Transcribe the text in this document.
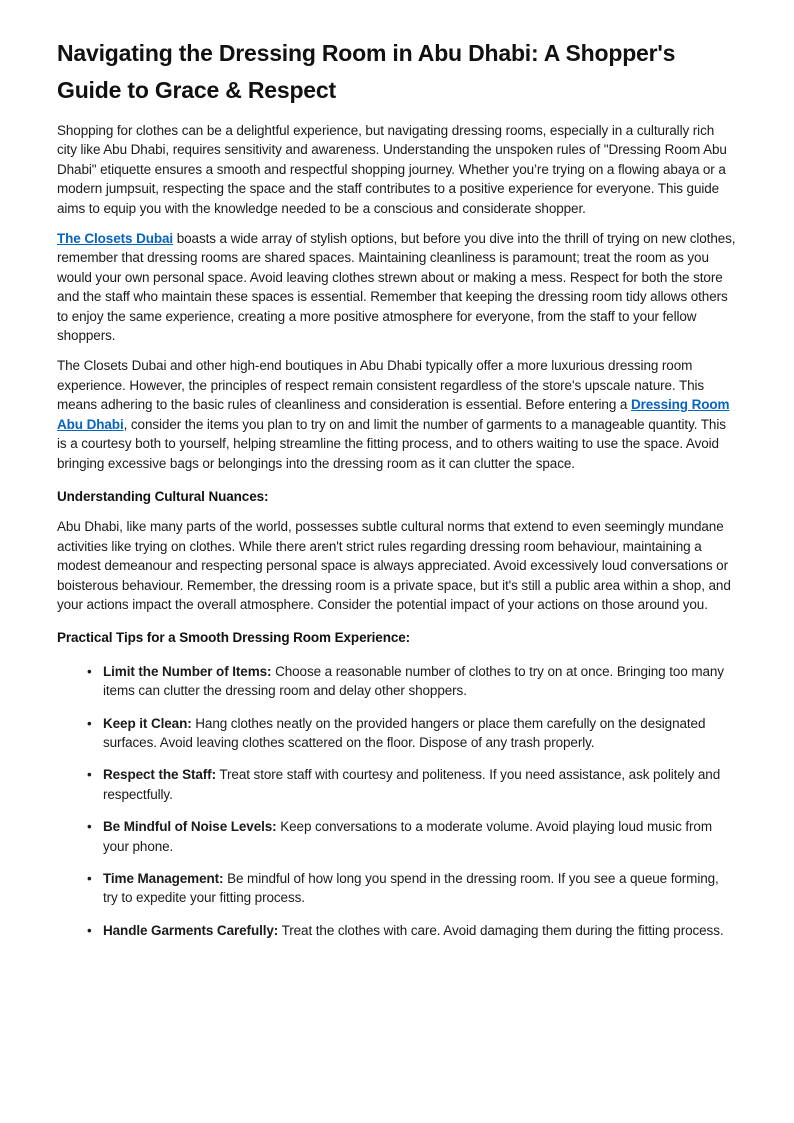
Navigating the Dressing Room in Abu Dhabi: A Shopper's Guide to Grace & Respect

Shopping for clothes can be a delightful experience, but navigating dressing rooms, especially in a culturally rich city like Abu Dhabi, requires sensitivity and awareness. Understanding the unspoken rules of "Dressing Room Abu Dhabi" etiquette ensures a smooth and respectful shopping journey. Whether you’re trying on a flowing abaya or a modern jumpsuit, respecting the space and the staff contributes to a positive experience for everyone. This guide aims to equip you with the knowledge needed to be a conscious and considerate shopper.

The Closets Dubai boasts a wide array of stylish options, but before you dive into the thrill of trying on new clothes, remember that dressing rooms are shared spaces. Maintaining cleanliness is paramount; treat the room as you would your own personal space. Avoid leaving clothes strewn about or making a mess. Respect for both the store and the staff who maintain these spaces is essential. Remember that keeping the dressing room tidy allows others to enjoy the same experience, creating a more positive atmosphere for everyone, from the staff to your fellow shoppers.

The Closets Dubai and other high-end boutiques in Abu Dhabi typically offer a more luxurious dressing room experience. However, the principles of respect remain consistent regardless of the store's upscale nature. This means adhering to the basic rules of cleanliness and consideration is essential. Before entering a Dressing Room Abu Dhabi, consider the items you plan to try on and limit the number of garments to a manageable quantity. This is a courtesy both to yourself, helping streamline the fitting process, and to others waiting to use the space. Avoid bringing excessive bags or belongings into the dressing room as it can clutter the space.

Understanding Cultural Nuances:

Abu Dhabi, like many parts of the world, possesses subtle cultural norms that extend to even seemingly mundane activities like trying on clothes. While there aren't strict rules regarding dressing room behaviour, maintaining a modest demeanour and respecting personal space is always appreciated. Avoid excessively loud conversations or boisterous behaviour. Remember, the dressing room is a private space, but it's still a public area within a shop, and your actions impact the overall atmosphere. Consider the potential impact of your actions on those around you.

Practical Tips for a Smooth Dressing Room Experience:

• Limit the Number of Items: Choose a reasonable number of clothes to try on at once. Bringing too many items can clutter the dressing room and delay other shoppers.
• Keep it Clean: Hang clothes neatly on the provided hangers or place them carefully on the designated surfaces. Avoid leaving clothes scattered on the floor. Dispose of any trash properly.
• Respect the Staff: Treat store staff with courtesy and politeness. If you need assistance, ask politely and respectfully.
• Be Mindful of Noise Levels: Keep conversations to a moderate volume. Avoid playing loud music from your phone.
• Time Management: Be mindful of how long you spend in the dressing room. If you see a queue forming, try to expedite your fitting process.
• Handle Garments Carefully: Treat the clothes with care. Avoid damaging them during the fitting process.
